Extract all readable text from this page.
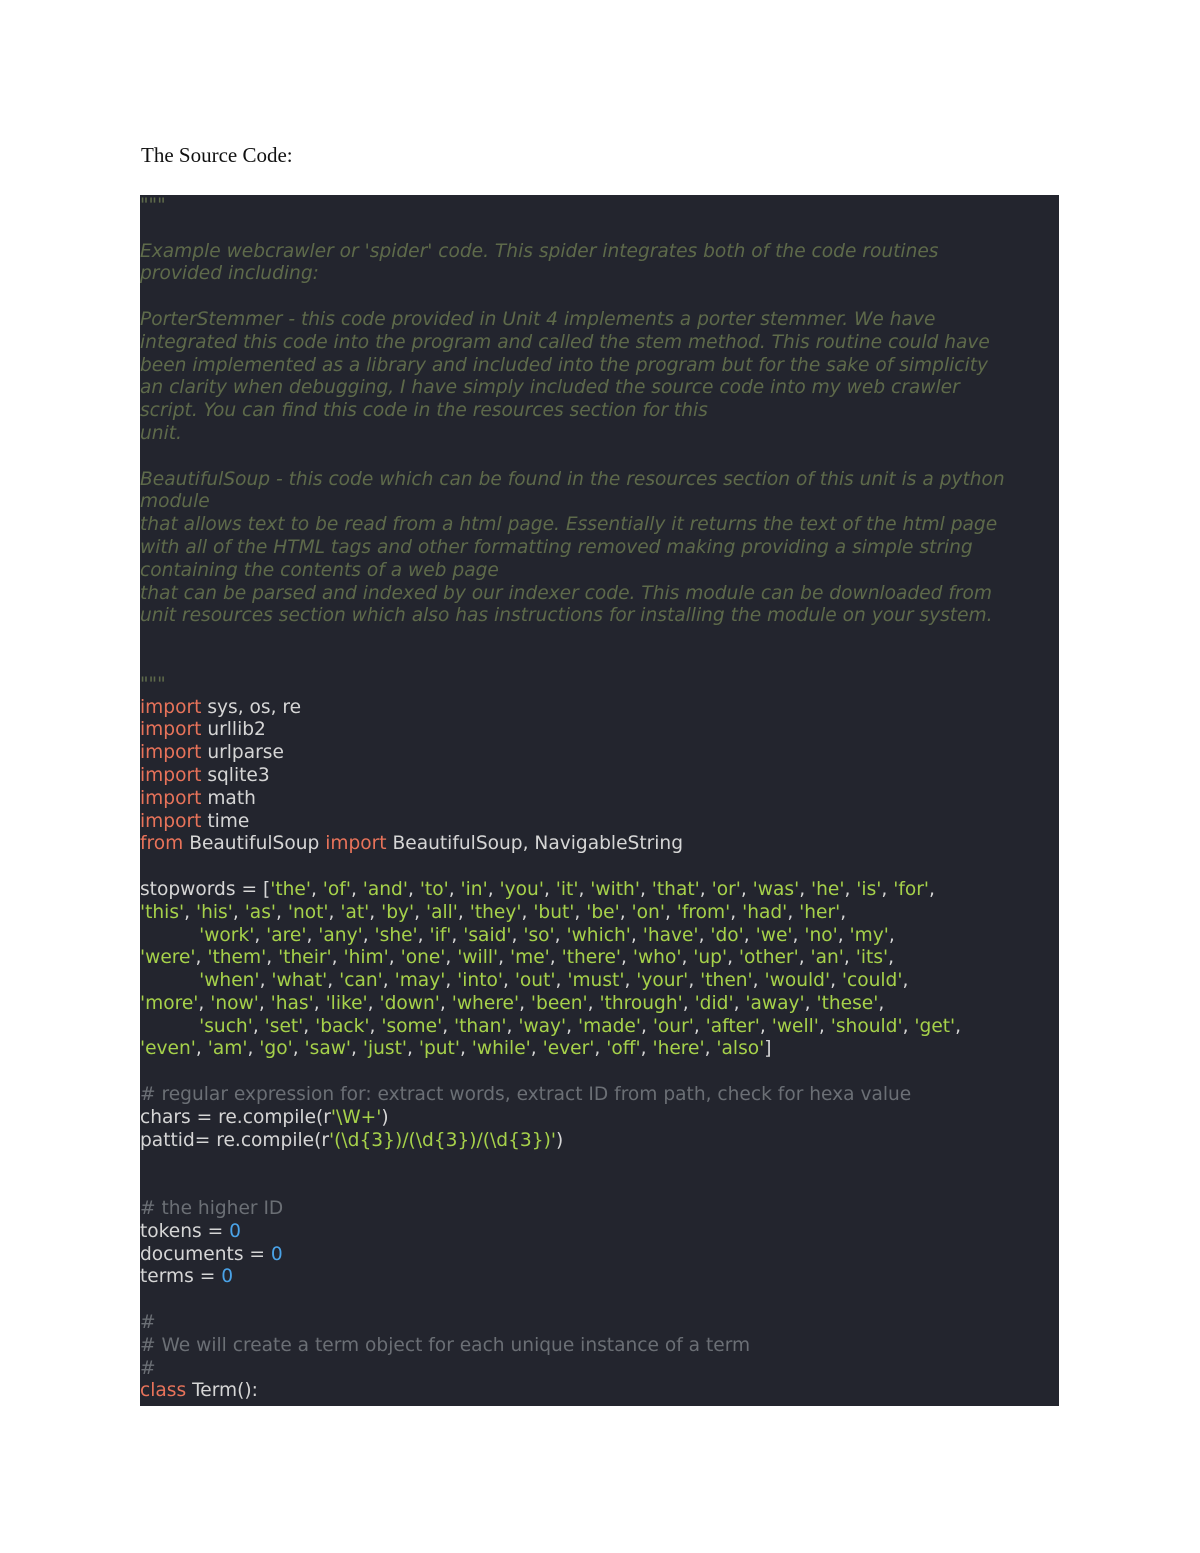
The Source Code:
"""
Example webcrawler or 'spider' code. This spider integrates both of the code routines
provided including:
PorterStemmer - this code provided in Unit 4 implements a porter stemmer. We have
integrated this code into the program and called the stem method. This routine could have
been implemented as a library and included into the program but for the sake of simplicity
an clarity when debugging, I have simply included the source code into my web crawler
script. You can find this code in the resources section for this
unit.
BeautifulSoup - this code which can be found in the resources section of this unit is a python
module
that allows text to be read from a html page. Essentially it returns the text of the html page
with all of the HTML tags and other formatting removed making providing a simple string
containing the contents of a web page
that can be parsed and indexed by our indexer code. This module can be downloaded from
unit resources section which also has instructions for installing the module on your system.
"""
import sys, os, re
import urllib2
import urlparse
import sqlite3
import math
import time
from BeautifulSoup import BeautifulSoup, NavigableString
stopwords = ['the', 'of', 'and', 'to', 'in', 'you', 'it', 'with', 'that', 'or', 'was', 'he', 'is', 'for',
'this', 'his', 'as', 'not', 'at', 'by', 'all', 'they', 'but', 'be', 'on', 'from', 'had', 'her',
'work', 'are', 'any', 'she', 'if', 'said', 'so', 'which', 'have', 'do', 'we', 'no', 'my',
'were', 'them', 'their', 'him', 'one', 'will', 'me', 'there', 'who', 'up', 'other', 'an', 'its',
'when', 'what', 'can', 'may', 'into', 'out', 'must', 'your', 'then', 'would', 'could',
'more', 'now', 'has', 'like', 'down', 'where', 'been', 'through', 'did', 'away', 'these',
'such', 'set', 'back', 'some', 'than', 'way', 'made', 'our', 'after', 'well', 'should', 'get',
'even', 'am', 'go', 'saw', 'just', 'put', 'while', 'ever', 'off', 'here', 'also']
# regular expression for: extract words, extract ID from path, check for hexa value
chars = re.compile(r'\W+')
pattid= re.compile(r'(\d{3})/(\d{3})/(\d{3})')
# the higher ID
tokens = 0
documents = 0
terms = 0
#
# We will create a term object for each unique instance of a term
#
class Term():
